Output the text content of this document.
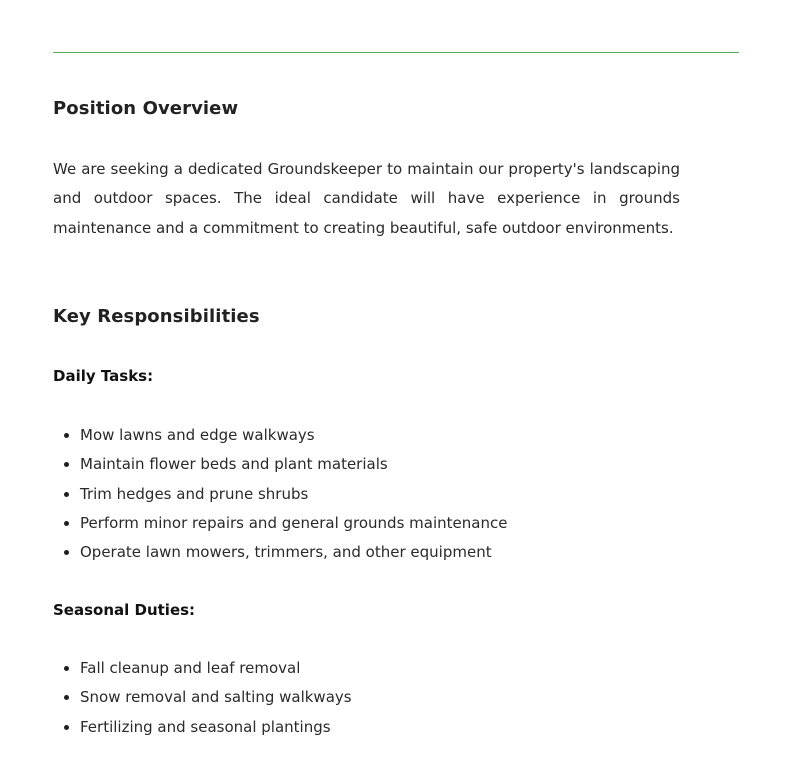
Position Overview

We are seeking a dedicated Groundskeeper to maintain our property's landscaping and outdoor spaces. The ideal candidate will have experience in grounds maintenance and a commitment to creating beautiful, safe outdoor environments.

Key Responsibilities
Daily Tasks:
Mow lawns and edge walkways
Maintain flower beds and plant materials
Trim hedges and prune shrubs
Perform minor repairs and general grounds maintenance
Operate lawn mowers, trimmers, and other equipment
Seasonal Duties:
Fall cleanup and leaf removal
Snow removal and salting walkways
Fertilizing and seasonal plantings
